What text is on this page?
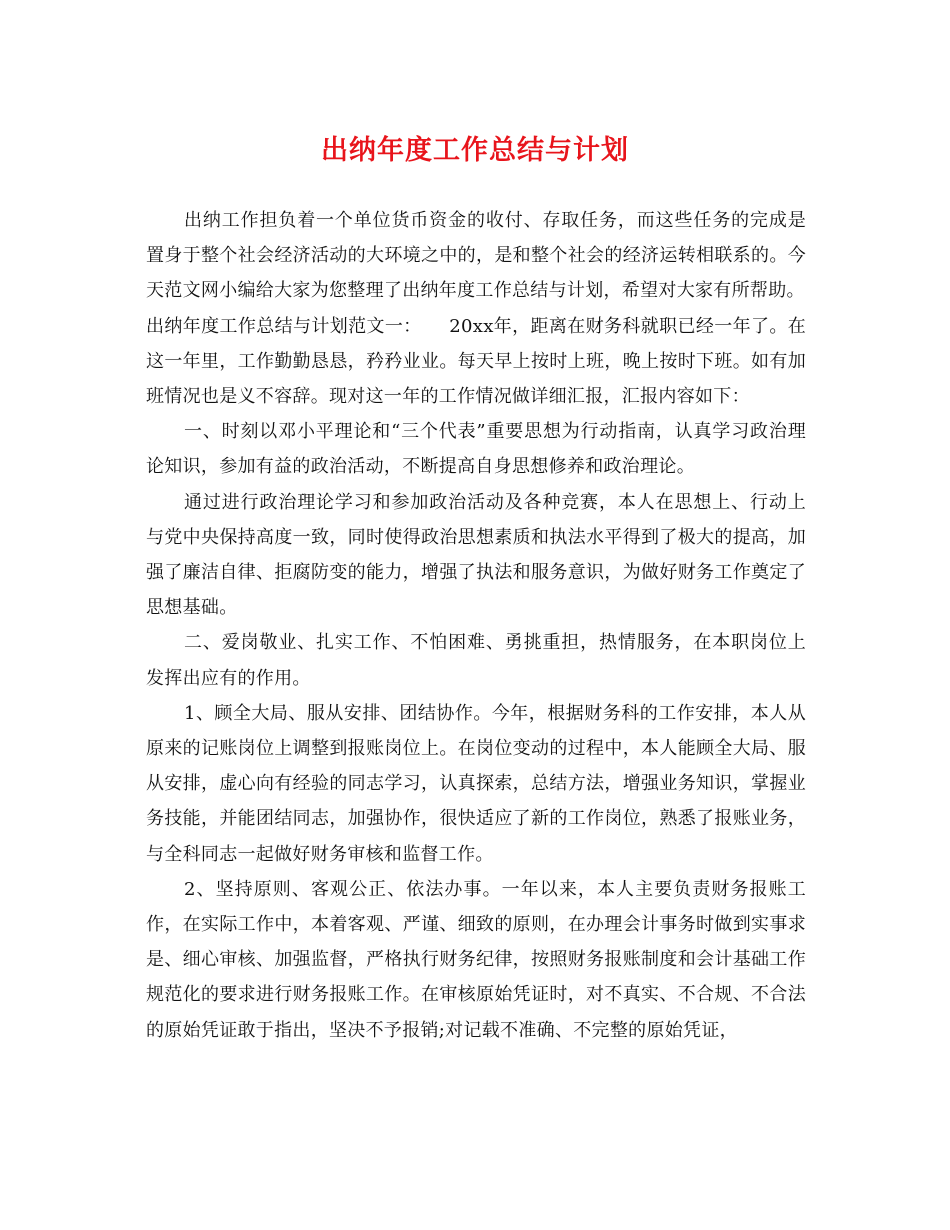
出纳年度工作总结与计划

出纳工作担负着一个单位货币资金的收付、存取任务，而这些任务的完成是置身于整个社会经济活动的大环境之中的，是和整个社会的经济运转相联系的。今天范文网小编给大家为您整理了出纳年度工作总结与计划，希望对大家有所帮助。

出纳年度工作总结与计划范文一：　　20xx年，距离在财务科就职已经一年了。在这一年里，工作勤勤恳恳，矜矜业业。每天早上按时上班，晚上按时下班。如有加班情况也是义不容辞。现对这一年的工作情况做详细汇报，汇报内容如下：

一、时刻以邓小平理论和“三个代表”重要思想为行动指南，认真学习政治理论知识，参加有益的政治活动，不断提高自身思想修养和政治理论。

通过进行政治理论学习和参加政治活动及各种竞赛，本人在思想上、行动上与党中央保持高度一致，同时使得政治思想素质和执法水平得到了极大的提高，加强了廉洁自律、拒腐防变的能力，增强了执法和服务意识，为做好财务工作奠定了思想基础。

二、爱岗敬业、扎实工作、不怕困难、勇挑重担，热情服务，在本职岗位上发挥出应有的作用。

1、顾全大局、服从安排、团结协作。今年，根据财务科的工作安排，本人从原来的记账岗位上调整到报账岗位上。在岗位变动的过程中，本人能顾全大局、服从安排，虚心向有经验的同志学习，认真探索，总结方法，增强业务知识，掌握业务技能，并能团结同志，加强协作，很快适应了新的工作岗位，熟悉了报账业务，与全科同志一起做好财务审核和监督工作。

2、坚持原则、客观公正、依法办事。一年以来，本人主要负责财务报账工作，在实际工作中，本着客观、严谨、细致的原则，在办理会计事务时做到实事求是、细心审核、加强监督，严格执行财务纪律，按照财务报账制度和会计基础工作规范化的要求进行财务报账工作。在审核原始凭证时，对不真实、不合规、不合法的原始凭证敢于指出，坚决不予报销;对记载不准确、不完整的原始凭证，
